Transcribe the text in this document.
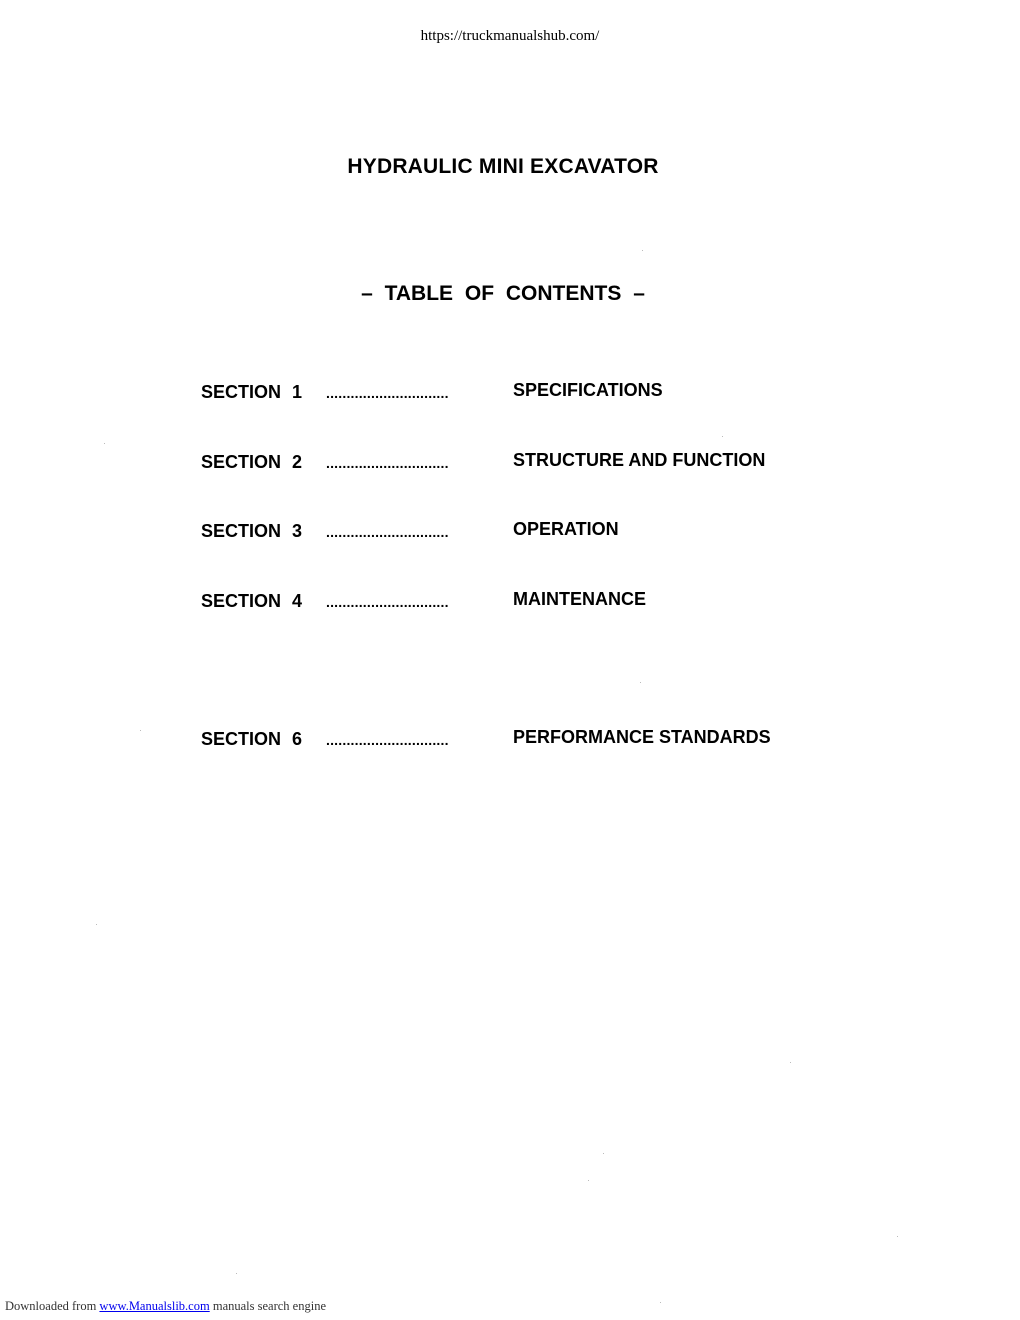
https://truckmanualshub.com/
HYDRAULIC MINI EXCAVATOR
– TABLE OF CONTENTS –
SECTION 1 ..............................	SPECIFICATIONS
SECTION 2 ..............................	STRUCTURE AND FUNCTION
SECTION 3 ..............................	OPERATION
SECTION 4 ..............................	MAINTENANCE
SECTION 6 ..............................	PERFORMANCE STANDARDS
Downloaded from www.Manualslib.com manuals search engine
